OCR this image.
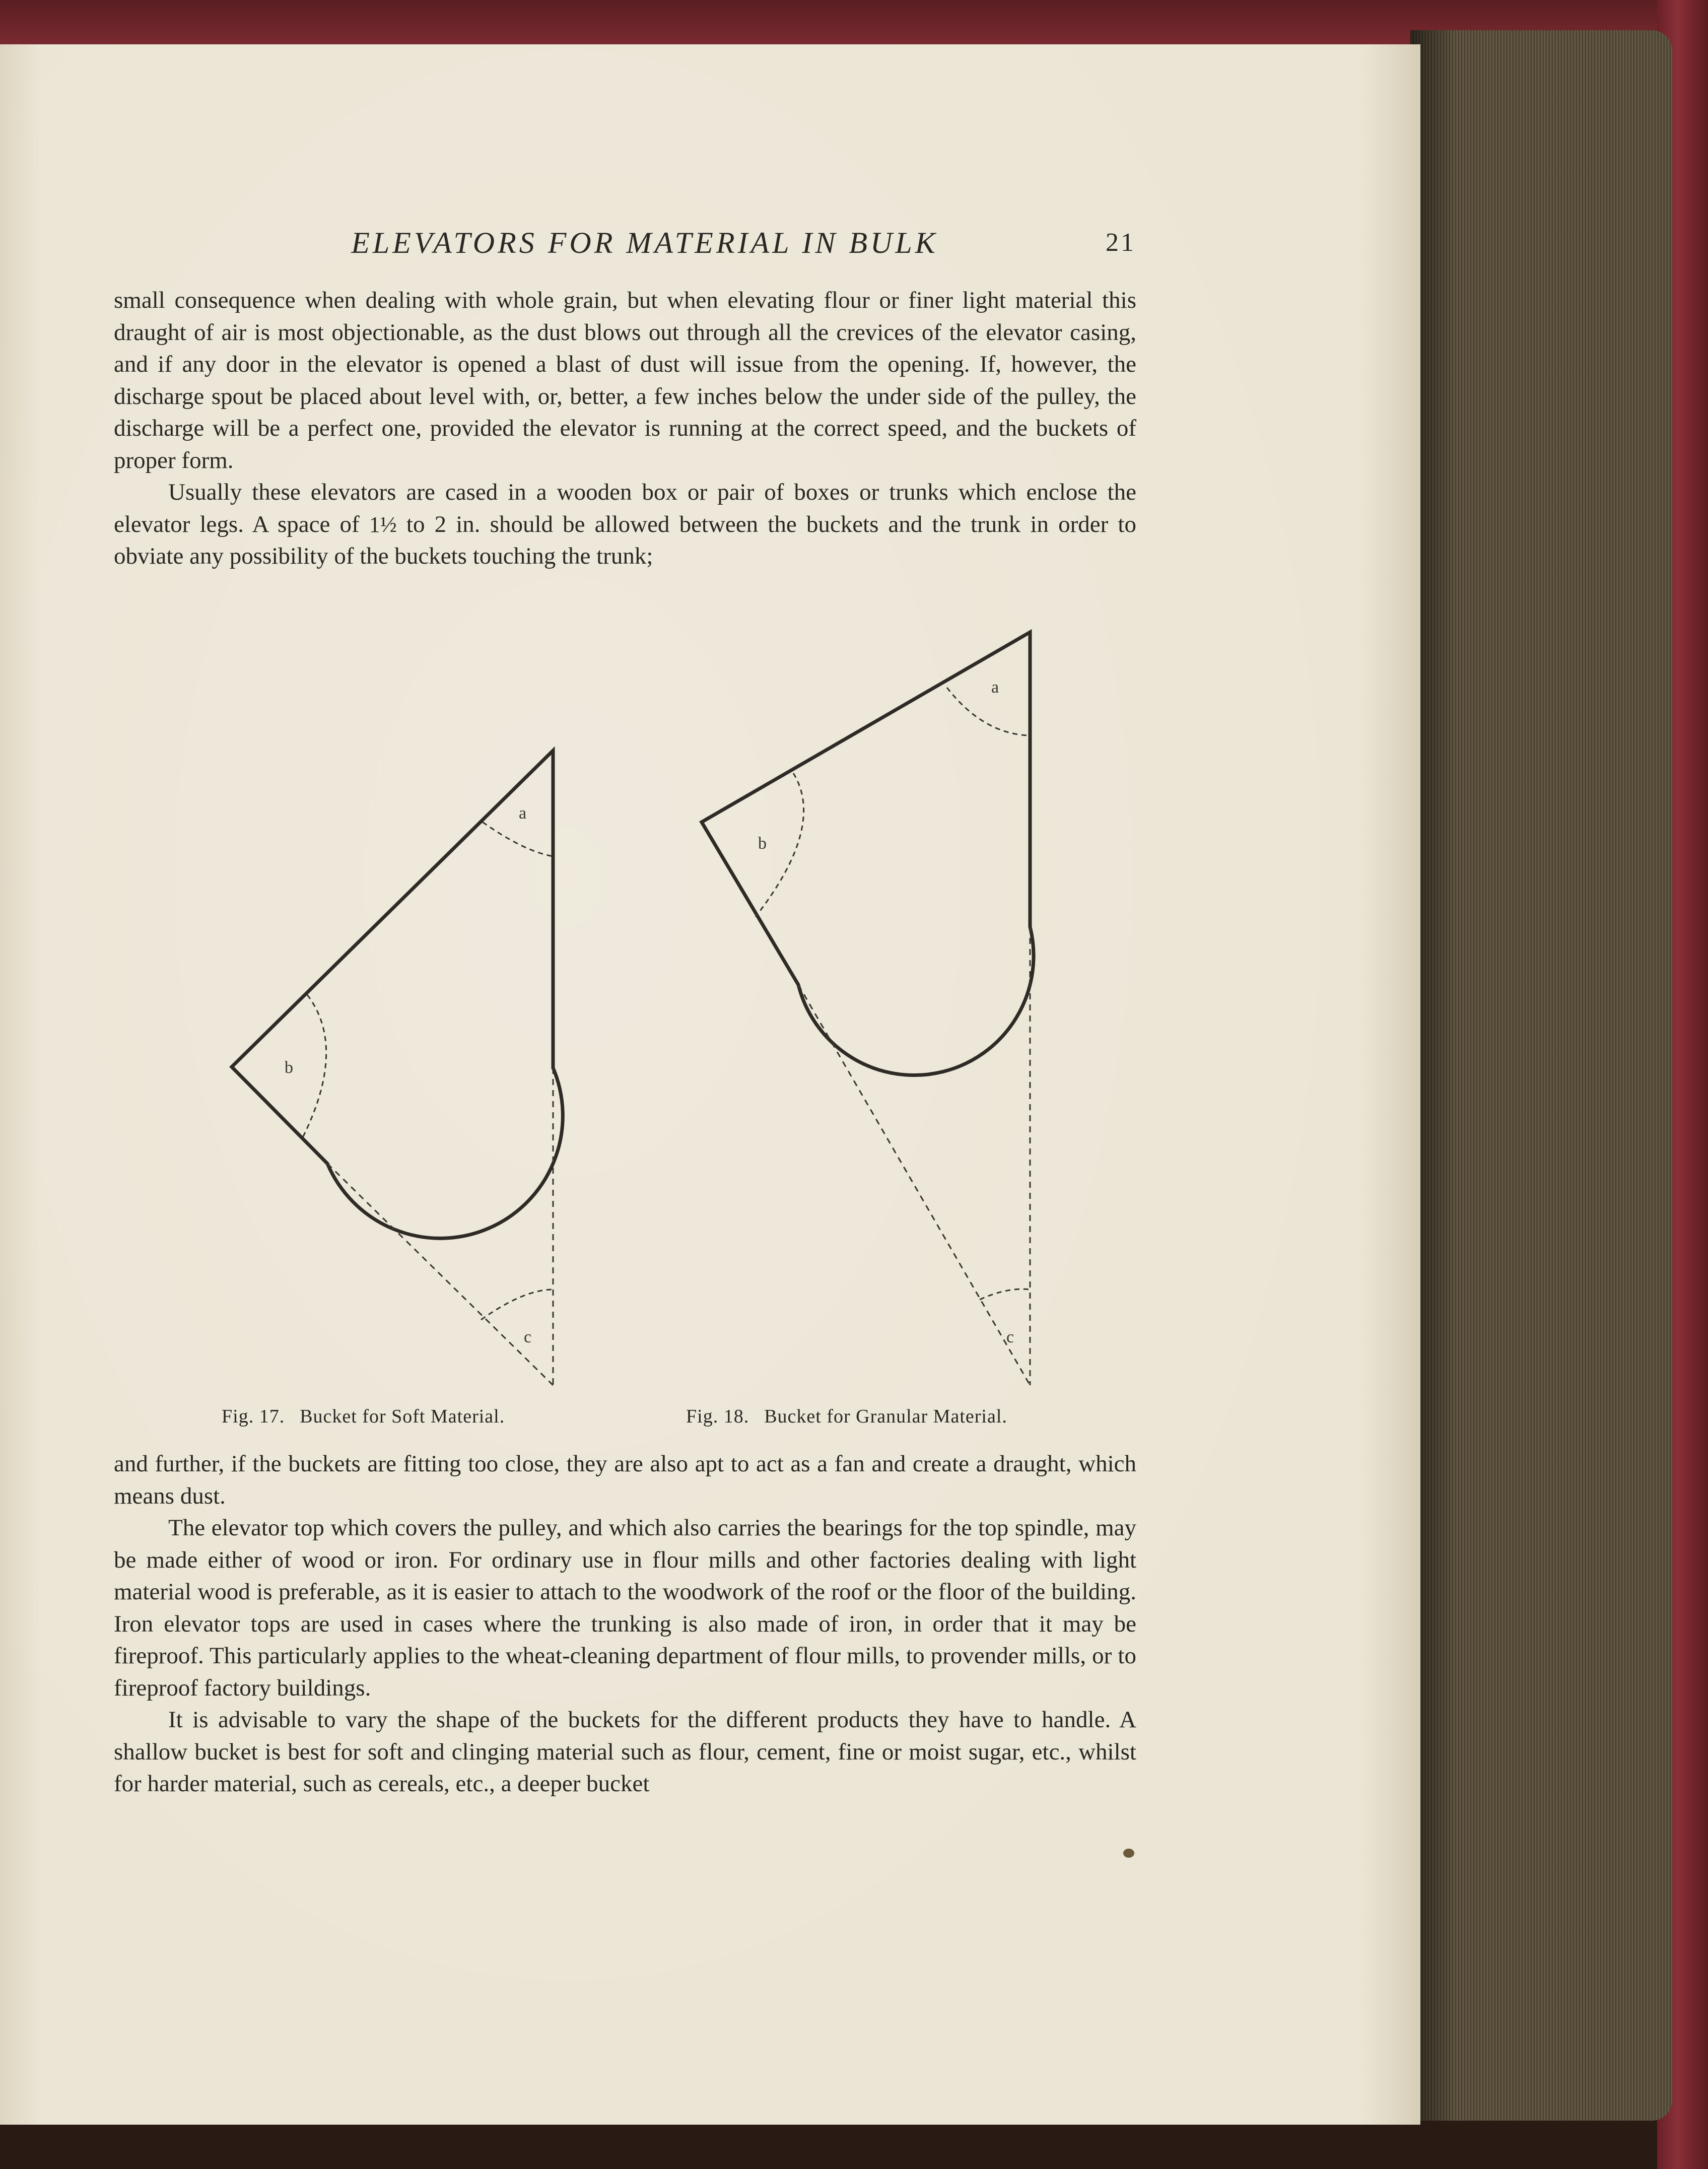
ELEVATORS FOR MATERIAL IN BULK	21

small consequence when dealing with whole grain, but when elevating flour or finer light material this draught of air is most objectionable, as the dust blows out through all the crevices of the elevator casing, and if any door in the elevator is opened a blast of dust will issue from the opening. If, however, the discharge spout be placed about level with, or, better, a few inches below the under side of the pulley, the discharge will be a perfect one, provided the elevator is running at the correct speed, and the buckets of proper form.

Usually these elevators are cased in a wooden box or pair of boxes or trunks which enclose the elevator legs. A space of 1½ to 2 in. should be allowed between the buckets and the trunk in order to obviate any possibility of the buckets touching the trunk;

a
b
c
a
b
c
Fig. 17. Bucket for Soft Material.	Fig. 18. Bucket for Granular Material.

and further, if the buckets are fitting too close, they are also apt to act as a fan and create a draught, which means dust.

The elevator top which covers the pulley, and which also carries the bearings for the top spindle, may be made either of wood or iron. For ordinary use in flour mills and other factories dealing with light material wood is preferable, as it is easier to attach to the woodwork of the roof or the floor of the building. Iron elevator tops are used in cases where the trunking is also made of iron, in order that it may be fireproof. This particularly applies to the wheat-cleaning department of flour mills, to provender mills, or to fireproof factory buildings.

It is advisable to vary the shape of the buckets for the different products they have to handle. A shallow bucket is best for soft and clinging material such as flour, cement, fine or moist sugar, etc., whilst for harder material, such as cereals, etc., a deeper bucket
